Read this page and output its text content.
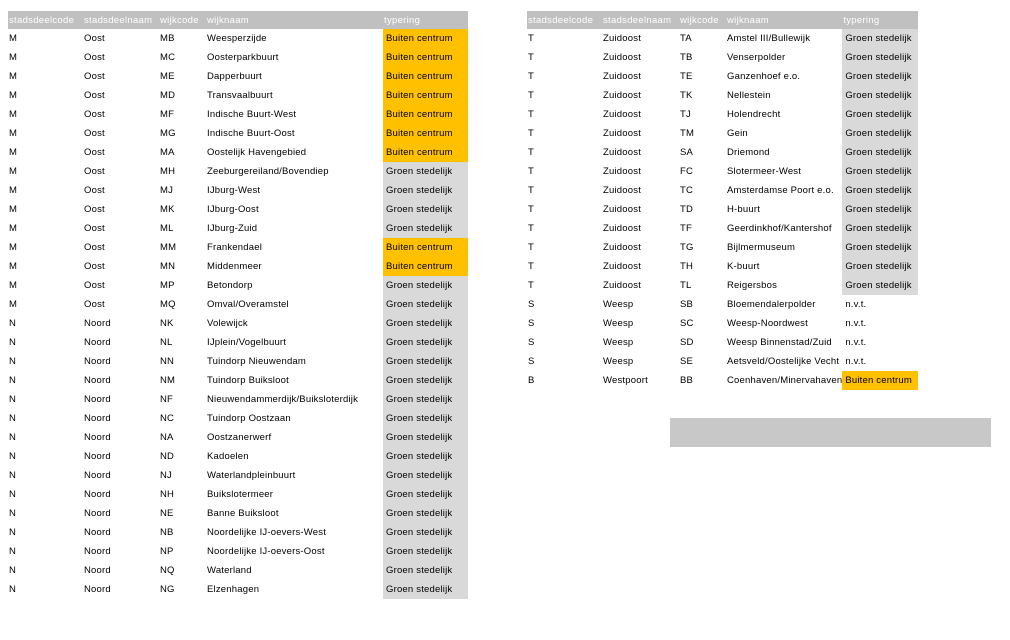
stadsdeelcode	stadsdeelnaam	wijkcode	wijknaam	typering
M	Oost	MB	Weesperzijde	Buiten centrum
M	Oost	MC	Oosterparkbuurt	Buiten centrum
M	Oost	ME	Dapperbuurt	Buiten centrum
M	Oost	MD	Transvaalbuurt	Buiten centrum
M	Oost	MF	Indische Buurt-West	Buiten centrum
M	Oost	MG	Indische Buurt-Oost	Buiten centrum
M	Oost	MA	Oostelijk Havengebied	Buiten centrum
M	Oost	MH	Zeeburgereiland/Bovendiep	Groen stedelijk
M	Oost	MJ	IJburg-West	Groen stedelijk
M	Oost	MK	IJburg-Oost	Groen stedelijk
M	Oost	ML	IJburg-Zuid	Groen stedelijk
M	Oost	MM	Frankendael	Buiten centrum
M	Oost	MN	Middenmeer	Buiten centrum
M	Oost	MP	Betondorp	Groen stedelijk
M	Oost	MQ	Omval/Overamstel	Groen stedelijk
N	Noord	NK	Volewijck	Groen stedelijk
N	Noord	NL	IJplein/Vogelbuurt	Groen stedelijk
N	Noord	NN	Tuindorp Nieuwendam	Groen stedelijk
N	Noord	NM	Tuindorp Buiksloot	Groen stedelijk
N	Noord	NF	Nieuwendammerdijk/Buiksloterdijk	Groen stedelijk
N	Noord	NC	Tuindorp Oostzaan	Groen stedelijk
N	Noord	NA	Oostzanerwerf	Groen stedelijk
N	Noord	ND	Kadoelen	Groen stedelijk
N	Noord	NJ	Waterlandpleinbuurt	Groen stedelijk
N	Noord	NH	Buikslotermeer	Groen stedelijk
N	Noord	NE	Banne Buiksloot	Groen stedelijk
N	Noord	NB	Noordelijke IJ-oevers-West	Groen stedelijk
N	Noord	NP	Noordelijke IJ-oevers-Oost	Groen stedelijk
N	Noord	NQ	Waterland	Groen stedelijk
N	Noord	NG	Elzenhagen	Groen stedelijk
stadsdeelcode	stadsdeelnaam	wijkcode	wijknaam	typering
T	Zuidoost	TA	Amstel III/Bullewijk	Groen stedelijk
T	Zuidoost	TB	Venserpolder	Groen stedelijk
T	Zuidoost	TE	Ganzenhoef e.o.	Groen stedelijk
T	Zuidoost	TK	Nellestein	Groen stedelijk
T	Zuidoost	TJ	Holendrecht	Groen stedelijk
T	Zuidoost	TM	Gein	Groen stedelijk
T	Zuidoost	SA	Driemond	Groen stedelijk
T	Zuidoost	FC	Slotermeer-West	Groen stedelijk
T	Zuidoost	TC	Amsterdamse Poort e.o.	Groen stedelijk
T	Zuidoost	TD	H-buurt	Groen stedelijk
T	Zuidoost	TF	Geerdinkhof/Kantershof	Groen stedelijk
T	Zuidoost	TG	Bijlmermuseum	Groen stedelijk
T	Zuidoost	TH	K-buurt	Groen stedelijk
T	Zuidoost	TL	Reigersbos	Groen stedelijk
S	Weesp	SB	Bloemendalerpolder	n.v.t.
S	Weesp	SC	Weesp-Noordwest	n.v.t.
S	Weesp	SD	Weesp Binnenstad/Zuid	n.v.t.
S	Weesp	SE	Aetsveld/Oostelijke Vecht	n.v.t.
B	Westpoort	BB	Coenhaven/Minervahaven	Buiten centrum
